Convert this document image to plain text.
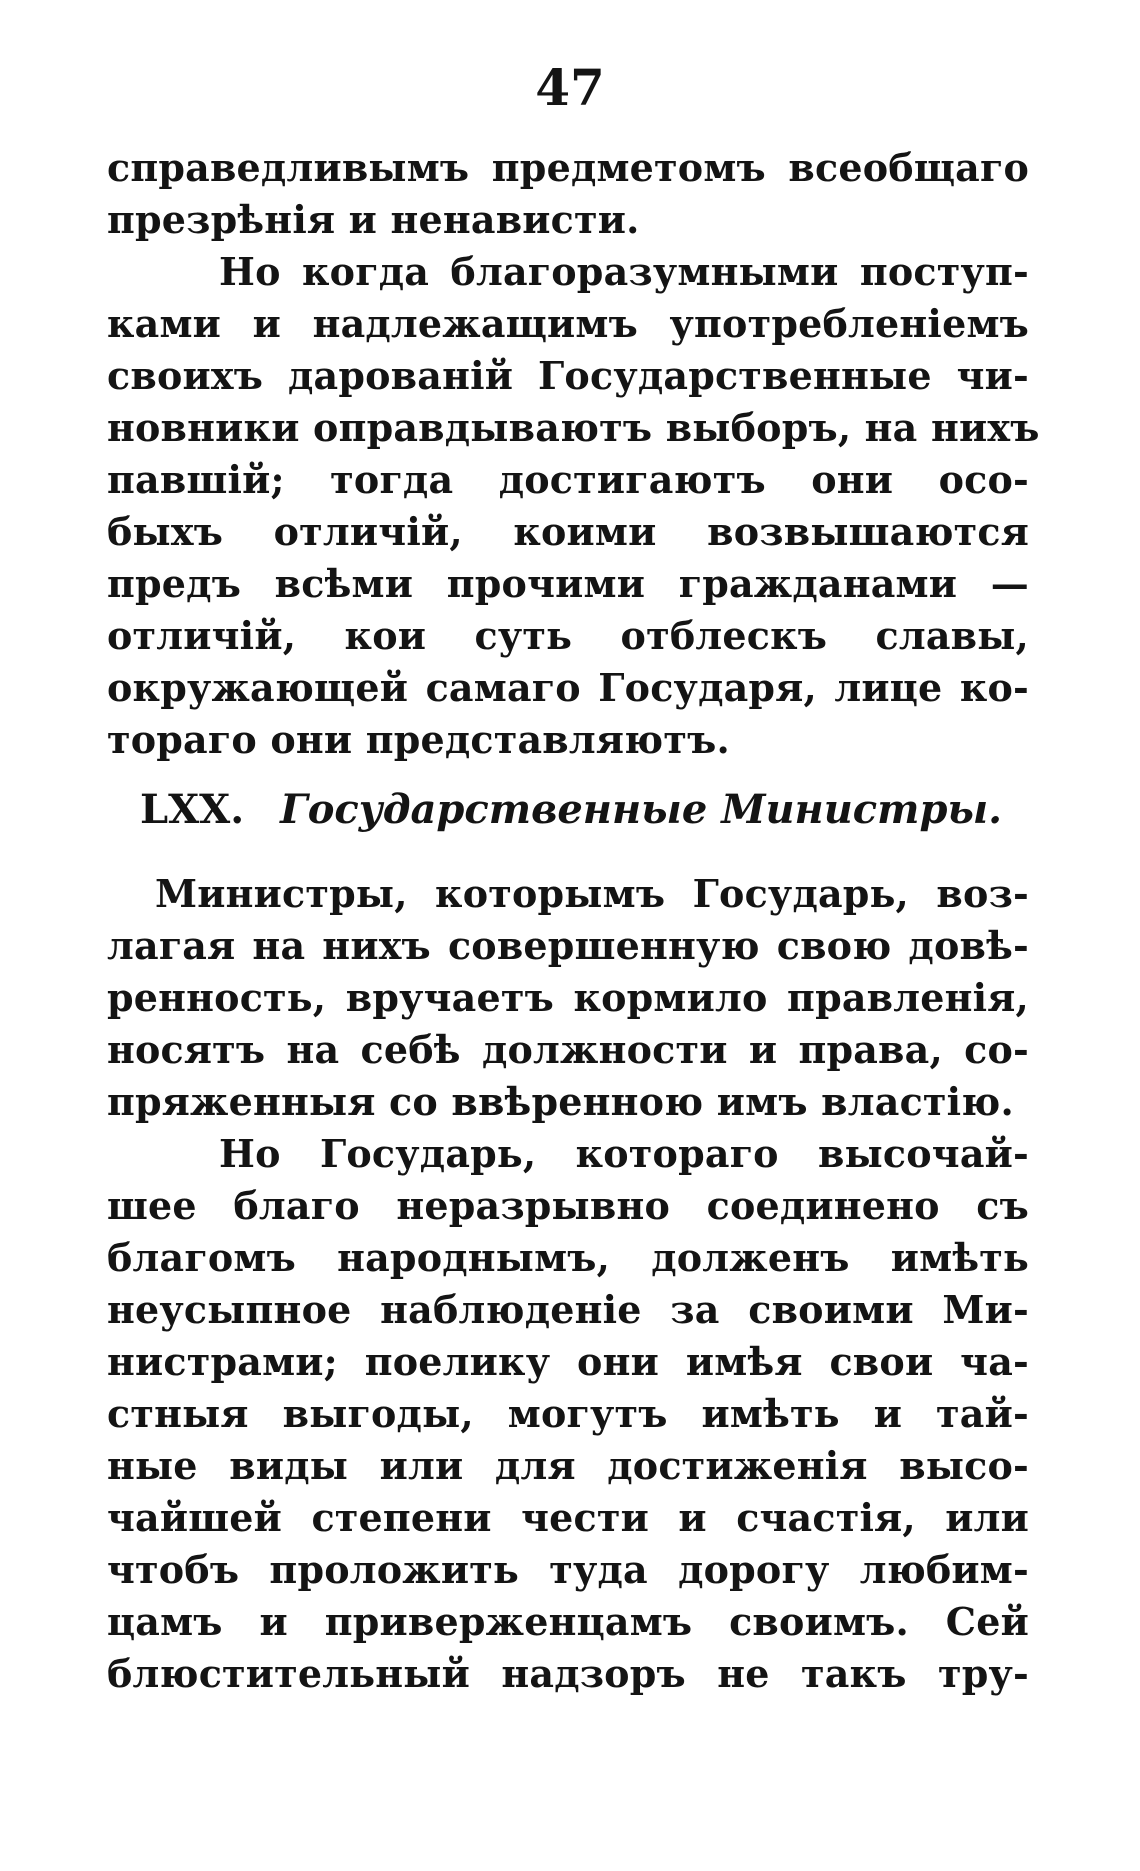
47
справедливымъ предметомъ всеобщаго
презрѣнія и ненависти.
Но когда благоразумными поступ-
ками и надлежащимъ употребленіемъ
своихъ дарованій Государственные чи-
новники оправдываютъ выборъ, на нихъ
павшій; тогда достигаютъ они осо-
быхъ отличій, коими возвышаются
предъ всѣми прочими гражданами —
отличій, кои суть отблескъ славы,
окружающей самаго Государя, лице ко-
тораго они представляютъ.
LXX. Государственные Министры.
Министры, которымъ Государь, воз-
лагая на нихъ совершенную свою довѣ-
ренность, вручаетъ кормило правленія,
носятъ на себѣ должности и права, со-
пряженныя со ввѣренною имъ властію.
Но Государь, котораго высочай-
шее благо неразрывно соединено съ
благомъ народнымъ, долженъ имѣть
неусыпное наблюденіе за своими Ми-
нистрами; поелику они имѣя свои ча-
стныя выгоды, могутъ имѣть и тай-
ные виды или для достиженія высо-
чайшей степени чести и счастія, или
чтобъ проложить туда дорогу любим-
цамъ и приверженцамъ своимъ. Сей
блюстительный надзоръ не такъ тру-
